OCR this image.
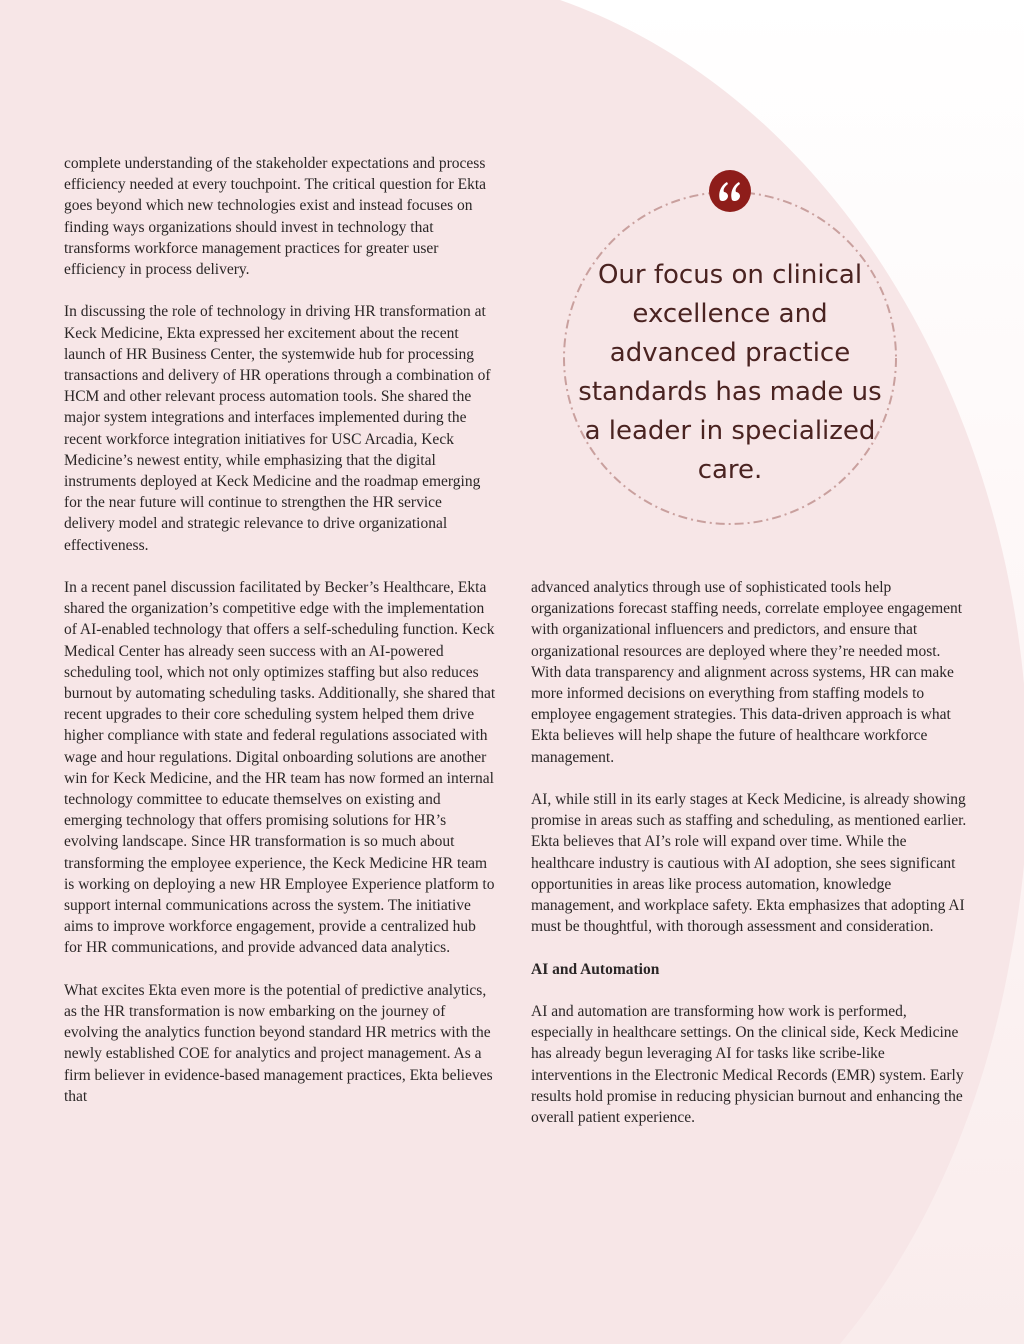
complete understanding of the stakeholder expectations and process efficiency needed at every touchpoint. The critical question for Ekta goes beyond which new technologies exist and instead focuses on finding ways organizations should invest in technology that transforms workforce management practices for greater user efficiency in process delivery.

In discussing the role of technology in driving HR transformation at Keck Medicine, Ekta expressed her excitement about the recent launch of HR Business Center, the systemwide hub for processing transactions and delivery of HR operations through a combination of HCM and other relevant process automation tools. She shared the major system integrations and interfaces implemented during the recent workforce integration initiatives for USC Arcadia, Keck Medicine’s newest entity, while emphasizing that the digital instruments deployed at Keck Medicine and the roadmap emerging for the near future will continue to strengthen the HR service delivery model and strategic relevance to drive organizational effectiveness.

In a recent panel discussion facilitated by Becker’s Healthcare, Ekta shared the organization’s competitive edge with the implementation of AI-enabled technology that offers a self-scheduling function. Keck Medical Center has already seen success with an AI-powered scheduling tool, which not only optimizes staffing but also reduces burnout by automating scheduling tasks. Additionally, she shared that recent upgrades to their core scheduling system helped them drive higher compliance with state and federal regulations associated with wage and hour regulations. Digital onboarding solutions are another win for Keck Medicine, and the HR team has now formed an internal technology committee to educate themselves on existing and emerging technology that offers promising solutions for HR’s evolving landscape. Since HR transformation is so much about transforming the employee experience, the Keck Medicine HR team is working on deploying a new HR Employee Experience platform to support internal communications across the system. The initiative aims to improve workforce engagement, provide a centralized hub for HR communications, and provide advanced data analytics.

What excites Ekta even more is the potential of predictive analytics, as the HR transformation is now embarking on the journey of evolving the analytics function beyond standard HR metrics with the newly established COE for analytics and project management. As a firm believer in evidence-based management practices, Ekta believes that

Our focus on clinical excellence and advanced practice standards has made us a leader in specialized care.

advanced analytics through use of sophisticated tools help organizations forecast staffing needs, correlate employee engagement with organizational influencers and predictors, and ensure that organizational resources are deployed where they’re needed most. With data transparency and alignment across systems, HR can make more informed decisions on everything from staffing models to employee engagement strategies. This data-driven approach is what Ekta believes will help shape the future of healthcare workforce management.

AI, while still in its early stages at Keck Medicine, is already showing promise in areas such as staffing and scheduling, as mentioned earlier. Ekta believes that AI’s role will expand over time. While the healthcare industry is cautious with AI adoption, she sees significant opportunities in areas like process automation, knowledge management, and workplace safety. Ekta emphasizes that adopting AI must be thoughtful, with thorough assessment and consideration.

AI and Automation

AI and automation are transforming how work is performed, especially in healthcare settings. On the clinical side, Keck Medicine has already begun leveraging AI for tasks like scribe-like interventions in the Electronic Medical Records (EMR) system. Early results hold promise in reducing physician burnout and enhancing the overall patient experience.
